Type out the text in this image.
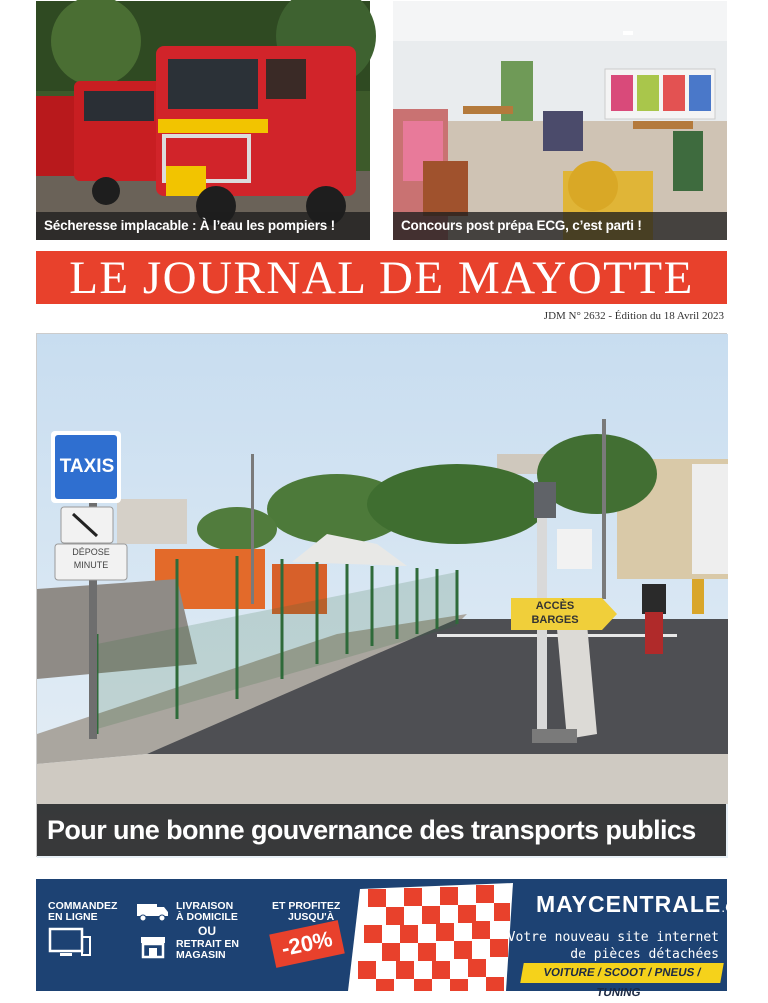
Sécheresse implacable : À l’eau les pompiers !	Concours post prépa ECG, c’est parti !
LE JOURNAL DE MAYOTTE
JDM N° 2632 - Édition du 18 Avril 2023
TAXIS
DÉPOSE
MINUTE
ACCÈS
BARGES
Pour une bonne gouvernance des transports publics
COMMANDEZ
EN LIGNE
LIVRAISON
À DOMICILE
OU
RETRAIT EN
MAGASIN
ET PROFITEZ
JUSQU'À
-20%
MAYCENTRALE.COM
Votre nouveau site internet
de pièces détachées
VOITURE / SCOOT / PNEUS / TUNING
